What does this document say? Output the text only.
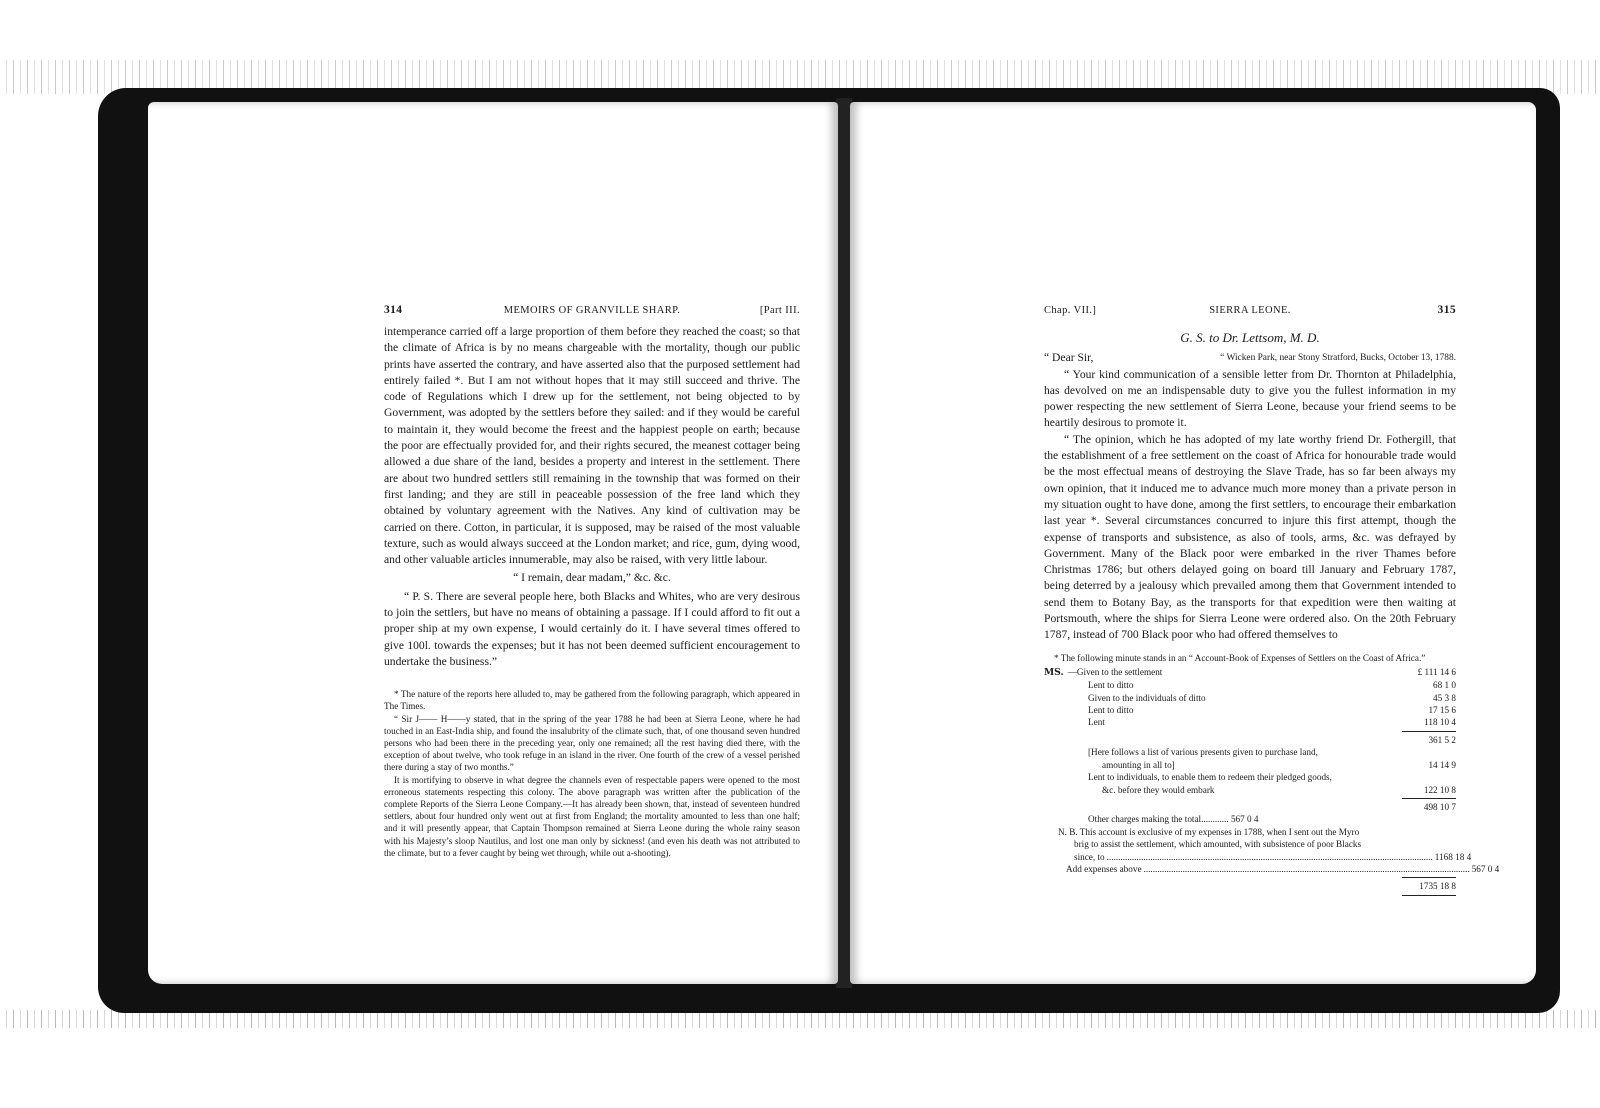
314	MEMOIRS OF GRANVILLE SHARP.	[Part III.

intemperance carried off a large proportion of them before they reached the coast; so that the climate of Africa is by no means chargeable with the mortality, though our public prints have asserted the contrary, and have asserted also that the purposed settlement had entirely failed *. But I am not without hopes that it may still succeed and thrive. The code of Regulations which I drew up for the settlement, not being objected to by Government, was adopted by the settlers before they sailed: and if they would be careful to maintain it, they would become the freest and the happiest people on earth; because the poor are effectually provided for, and their rights secured, the meanest cottager being allowed a due share of the land, besides a property and interest in the settlement. There are about two hundred settlers still remaining in the township that was formed on their first landing; and they are still in peaceable possession of the free land which they obtained by voluntary agreement with the Natives. Any kind of cultivation may be carried on there. Cotton, in particular, it is supposed, may be raised of the most valuable texture, such as would always succeed at the London market; and rice, gum, dying wood, and other valuable articles innumerable, may also be raised, with very little labour.

“ I remain, dear madam,” &c. &c.

“ P. S. There are several people here, both Blacks and Whites, who are very desirous to join the settlers, but have no means of obtaining a passage. If I could afford to fit out a proper ship at my own expense, I would certainly do it. I have several times offered to give 100l. towards the expenses; but it has not been deemed sufficient encouragement to undertake the business.”

* The nature of the reports here alluded to, may be gathered from the following paragraph, which appeared in The Times.

“ Sir J—— H——y stated, that in the spring of the year 1788 he had been at Sierra Leone, where he had touched in an East-India ship, and found the insalubrity of the climate such, that, of one thousand seven hundred persons who had been there in the preceding year, only one remained; all the rest having died there, with the exception of about twelve, who took refuge in an island in the river. One fourth of the crew of a vessel perished there during a stay of two months.”

It is mortifying to observe in what degree the channels even of respectable papers were opened to the most erroneous statements respecting this colony. The above paragraph was written after the publication of the complete Reports of the Sierra Leone Company.—It has already been shown, that, instead of seventeen hundred settlers, about four hundred only went out at first from England; the mortality amounted to less than one half; and it will presently appear, that Captain Thompson remained at Sierra Leone during the whole rainy season with his Majesty’s sloop Nautilus, and lost one man only by sickness! (and even his death was not attributed to the climate, but to a fever caught by being wet through, while out a-shooting).

Chap. VII.]	SIERRA LEONE.	315

G. S. to Dr. Lettsom, M. D.

“ Dear Sir,	“ Wicken Park, near Stony Stratford, Bucks, October 13, 1788.

“ Your kind communication of a sensible letter from Dr. Thornton at Philadelphia, has devolved on me an indispensable duty to give you the fullest information in my power respecting the new settlement of Sierra Leone, because your friend seems to be heartily desirous to promote it.

“ The opinion, which he has adopted of my late worthy friend Dr. Fothergill, that the establishment of a free settlement on the coast of Africa for honourable trade would be the most effectual means of destroying the Slave Trade, has so far been always my own opinion, that it induced me to advance much more money than a private person in my situation ought to have done, among the first settlers, to encourage their embarkation last year *. Several circumstances concurred to injure this first attempt, though the expense of transports and subsistence, as also of tools, arms, &c. was defrayed by Government. Many of the Black poor were embarked in the river Thames before Christmas 1786; but others delayed going on board till January and February 1787, being deterred by a jealousy which prevailed among them that Government intended to send them to Botany Bay, as the transports for that expedition were then waiting at Portsmouth, where the ships for Sierra Leone were ordered also. On the 20th February 1787, instead of 700 Black poor who had offered themselves to

* The following minute stands in an “ Account-Book of Expenses of Settlers on the Coast of Africa.”

MS. —Given to the settlement	£ 111 14 6
Lent to ditto	68 1 0
Given to the individuals of ditto	45 3 8
Lent to ditto	17 15 6
Lent	118 10 4
361 5 2
[Here follows a list of various presents given to purchase land,
amounting in all to]	14 14 9
Lent to individuals, to enable them to redeem their pledged goods,
&c. before they would embark	122 10 8
498 10 7
Other charges making the total............ 567 0 4
N. B. This account is exclusive of my expenses in 1788, when I sent out the Myro
brig to assist the settlement, which amounted, with subsistence of poor Blacks
since, to .............................................................................................................................................. 1168 18 4
Add expenses above .............................................................................................................................................. 567 0 4
1735 18 8
